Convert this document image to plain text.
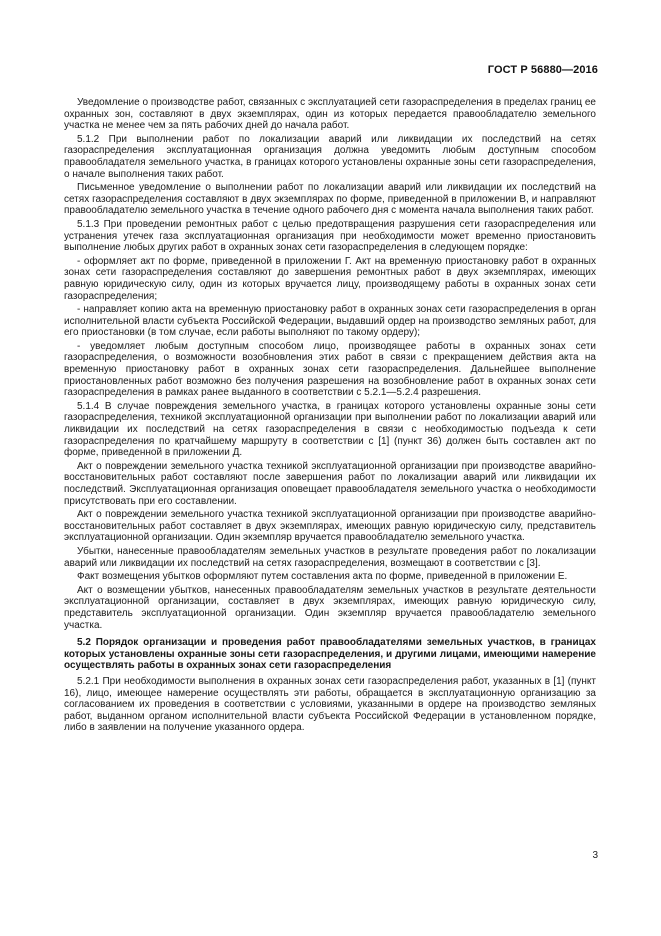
ГОСТ Р 56880—2016

Уведомление о производстве работ, связанных с эксплуатацией сети газораспределения в пределах границ ее охранных зон, составляют в двух экземплярах, один из которых передается правообладателю земельного участка не менее чем за пять рабочих дней до начала работ.

5.1.2 При выполнении работ по локализации аварий или ликвидации их последствий на сетях газораспределения эксплуатационная организация должна уведомить любым доступным способом правообладателя земельного участка, в границах которого установлены охранные зоны сети газораспределения, о начале выполнения таких работ.

Письменное уведомление о выполнении работ по локализации аварий или ликвидации их последствий на сетях газораспределения составляют в двух экземплярах по форме, приведенной в приложении В, и направляют правообладателю земельного участка в течение одного рабочего дня с момента начала выполнения таких работ.

5.1.3 При проведении ремонтных работ с целью предотвращения разрушения сети газораспределения или устранения утечек газа эксплуатационная организация при необходимости может временно приостановить выполнение любых других работ в охранных зонах сети газораспределения в следующем порядке:

- оформляет акт по форме, приведенной в приложении Г. Акт на временную приостановку работ в охранных зонах сети газораспределения составляют до завершения ремонтных работ в двух экземплярах, имеющих равную юридическую силу, один из которых вручается лицу, производящему работы в охранных зонах сети газораспределения;

- направляет копию акта на временную приостановку работ в охранных зонах сети газораспределения в орган исполнительной власти субъекта Российской Федерации, выдавший ордер на производство земляных работ, для его приостановки (в том случае, если работы выполняют по такому ордеру);

- уведомляет любым доступным способом лицо, производящее работы в охранных зонах сети газораспределения, о возможности возобновления этих работ в связи с прекращением действия акта на временную приостановку работ в охранных зонах сети газораспределения. Дальнейшее выполнение приостановленных работ возможно без получения разрешения на возобновление работ в охранных зонах сети газораспределения в рамках ранее выданного в соответствии с 5.2.1—5.2.4 разрешения.

5.1.4 В случае повреждения земельного участка, в границах которого установлены охранные зоны сети газораспределения, техникой эксплуатационной организации при выполнении работ по локализации аварий или ликвидации их последствий на сетях газораспределения в связи с необходимостью подъезда к сети газораспределения по кратчайшему маршруту в соответствии с [1] (пункт 36) должен быть составлен акт по форме, приведенной в приложении Д.

Акт о повреждении земельного участка техникой эксплуатационной организации при производстве аварийно-восстановительных работ составляют после завершения работ по локализации аварий или ликвидации их последствий. Эксплуатационная организация оповещает правообладателя земельного участка о необходимости присутствовать при его составлении.

Акт о повреждении земельного участка техникой эксплуатационной организации при производстве аварийно-восстановительных работ составляет в двух экземплярах, имеющих равную юридическую силу, представитель эксплуатационной организации. Один экземпляр вручается правообладателю земельного участка.

Убытки, нанесенные правообладателям земельных участков в результате проведения работ по локализации аварий или ликвидации их последствий на сетях газораспределения, возмещают в соответствии с [3].

Факт возмещения убытков оформляют путем составления акта по форме, приведенной в приложении Е.

Акт о возмещении убытков, нанесенных правообладателям земельных участков в результате деятельности эксплуатационной организации, составляет в двух экземплярах, имеющих равную юридическую силу, представитель эксплуатационной организации. Один экземпляр вручается правообладателю земельного участка.

5.2 Порядок организации и проведения работ правообладателями земельных участков, в границах которых установлены охранные зоны сети газораспределения, и другими лицами, имеющими намерение осуществлять работы в охранных зонах сети газораспределения

5.2.1 При необходимости выполнения в охранных зонах сети газораспределения работ, указанных в [1] (пункт 16), лицо, имеющее намерение осуществлять эти работы, обращается в эксплуатационную организацию за согласованием их проведения в соответствии с условиями, указанными в ордере на производство земляных работ, выданном органом исполнительной власти субъекта Российской Федерации в установленном порядке, либо в заявлении на получение указанного ордера.

3
